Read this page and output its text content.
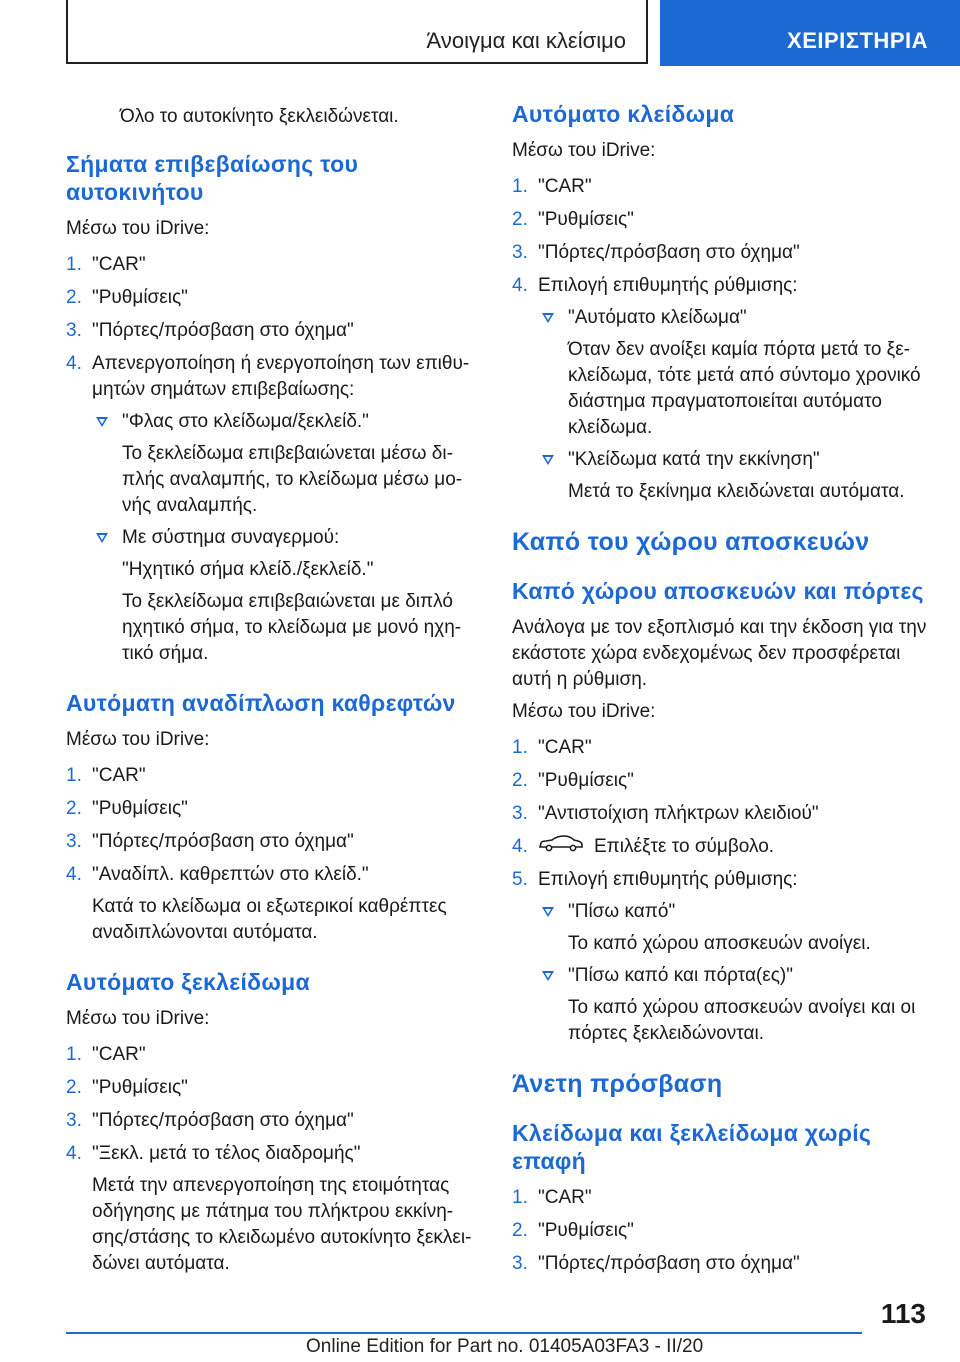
Άνοιγμα και κλείσιμο	ΧΕΙΡΙΣΤΗΡΙΑ

Όλο το αυτοκίνητο ξεκλειδώνεται.

Σήματα επιβεβαίωσης του αυτοκινήτου

Μέσω του iDrive:

1. "CAR"
2. "Ρυθμίσεις"
3. "Πόρτες/πρόσβαση στο όχημα"
4. Απενεργοποίηση ή ενεργοποίηση των επιθυ-μητών σημάτων επιβεβαίωσης:
"Φλας στο κλείδωμα/ξεκλείδ."
Το ξεκλείδωμα επιβεβαιώνεται μέσω δι-πλής αναλαμπής, το κλείδωμα μέσω μο-νής αναλαμπής.
Με σύστημα συναγερμού:
"Ηχητικό σήμα κλείδ./ξεκλείδ."
Το ξεκλείδωμα επιβεβαιώνεται με διπλό ηχητικό σήμα, το κλείδωμα με μονό ηχη-τικό σήμα.
Αυτόματη αναδίπλωση καθρεφτών

Μέσω του iDrive:

1. "CAR"
2. "Ρυθμίσεις"
3. "Πόρτες/πρόσβαση στο όχημα"
4. "Αναδίπλ. καθρεπτών στο κλείδ."
Κατά το κλείδωμα οι εξωτερικοί καθρέπτες αναδιπλώνονται αυτόματα.
Αυτόματο ξεκλείδωμα

Μέσω του iDrive:

1. "CAR"
2. "Ρυθμίσεις"
3. "Πόρτες/πρόσβαση στο όχημα"
4. "Ξεκλ. μετά το τέλος διαδρομής"
Μετά την απενεργοποίηση της ετοιμότητας οδήγησης με πάτημα του πλήκτρου εκκίνη-σης/στάσης το κλειδωμένο αυτοκίνητο ξεκλει-δώνει αυτόματα.
Αυτόματο κλείδωμα

Μέσω του iDrive:

1. "CAR"
2. "Ρυθμίσεις"
3. "Πόρτες/πρόσβαση στο όχημα"
4. Επιλογή επιθυμητής ρύθμισης:
"Αυτόματο κλείδωμα"
Όταν δεν ανοίξει καμία πόρτα μετά το ξε-κλείδωμα, τότε μετά από σύντομο χρονικό διάστημα πραγματοποιείται αυτόματο κλείδωμα.
"Κλείδωμα κατά την εκκίνηση"
Μετά το ξεκίνημα κλειδώνεται αυτόματα.
Καπό του χώρου αποσκευών
Καπό χώρου αποσκευών και πόρτες

Ανάλογα με τον εξοπλισμό και την έκδοση για την εκάστοτε χώρα ενδεχομένως δεν προσφέρεται αυτή η ρύθμιση.

Μέσω του iDrive:

1. "CAR"
2. "Ρυθμίσεις"
3. "Αντιστοίχιση πλήκτρων κλειδιού"
4.	Επιλέξτε το σύμβολο.
5. Επιλογή επιθυμητής ρύθμισης:
"Πίσω καπό"
Το καπό χώρου αποσκευών ανοίγει.
"Πίσω καπό και πόρτα(ες)"
Το καπό χώρου αποσκευών ανοίγει και οι πόρτες ξεκλειδώνονται.
Άνετη πρόσβαση
Κλείδωμα και ξεκλείδωμα χωρίς επαφή
1. "CAR"
2. "Ρυθμίσεις"
3. "Πόρτες/πρόσβαση στο όχημα"
113
Online Edition for Part no. 01405A03FA3 - II/20
